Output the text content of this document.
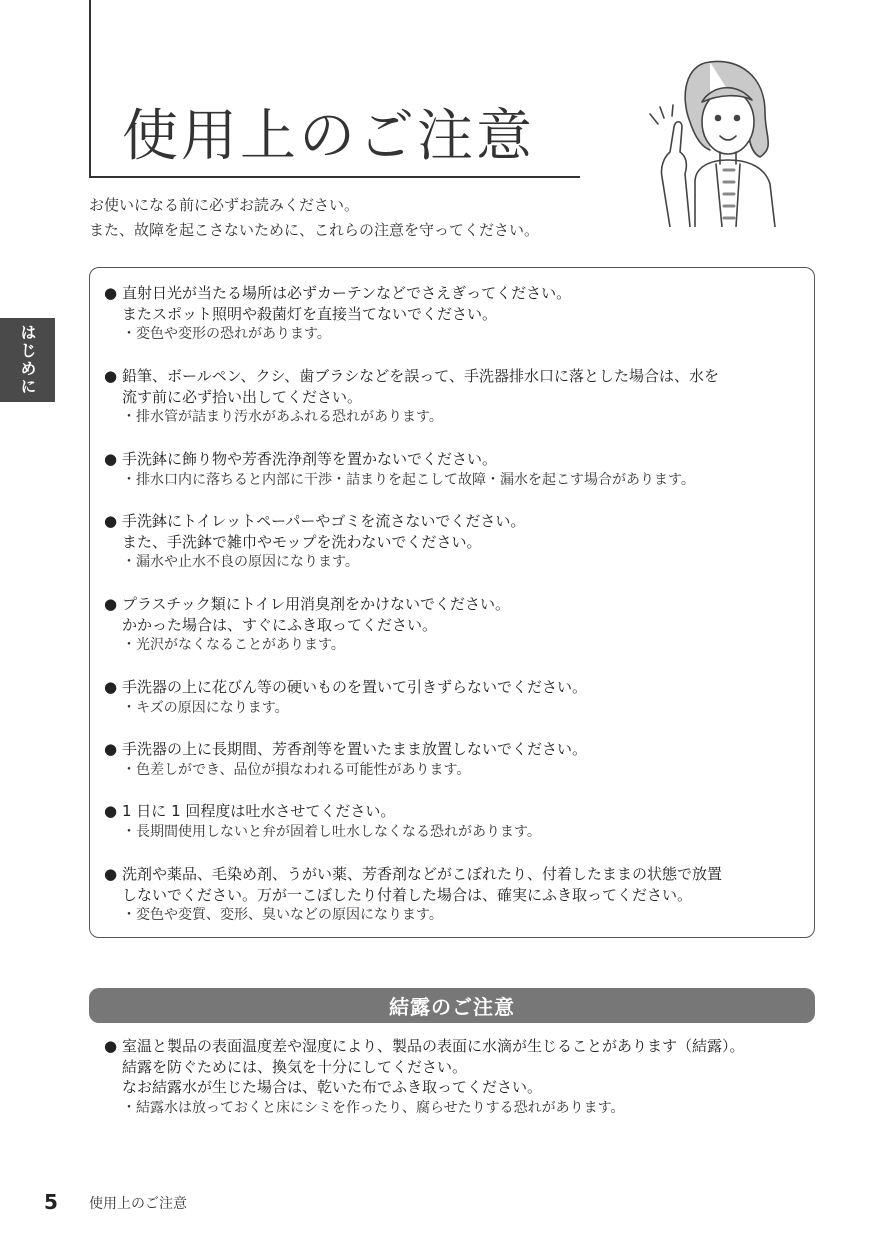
使用上のご注意
お使いになる前に必ずお読みください。
また、故障を起こさないために、これらの注意を守ってください。
はじめに
● 直射日光が当たる場所は必ずカーテンなどでさえぎってください。
またスポット照明や殺菌灯を直接当てないでください。
・変色や変形の恐れがあります。
● 鉛筆、ボールペン、クシ、歯ブラシなどを誤って、手洗器排水口に落とした場合は、水を
流す前に必ず拾い出してください。
・排水管が詰まり汚水があふれる恐れがあります。
● 手洗鉢に飾り物や芳香洗浄剤等を置かないでください。
・排水口内に落ちると内部に干渉・詰まりを起こして故障・漏水を起こす場合があります。
● 手洗鉢にトイレットペーパーやゴミを流さないでください。
また、手洗鉢で雑巾やモップを洗わないでください。
・漏水や止水不良の原因になります。
● プラスチック類にトイレ用消臭剤をかけないでください。
かかった場合は、すぐにふき取ってください。
・光沢がなくなることがあります。
● 手洗器の上に花びん等の硬いものを置いて引きずらないでください。
・キズの原因になります。
● 手洗器の上に長期間、芳香剤等を置いたまま放置しないでください。
・色差しができ、品位が損なわれる可能性があります。
● 1 日に 1 回程度は吐水させてください。
・長期間使用しないと弁が固着し吐水しなくなる恐れがあります。
● 洗剤や薬品、毛染め剤、うがい薬、芳香剤などがこぼれたり、付着したままの状態で放置
しないでください。万が一こぼしたり付着した場合は、確実にふき取ってください。
・変色や変質、変形、臭いなどの原因になります。
結露のご注意
● 室温と製品の表面温度差や湿度により、製品の表面に水滴が生じることがあります（結露）。
結露を防ぐためには、換気を十分にしてください。
なお結露水が生じた場合は、乾いた布でふき取ってください。
・結露水は放っておくと床にシミを作ったり、腐らせたりする恐れがあります。
5 使用上のご注意
